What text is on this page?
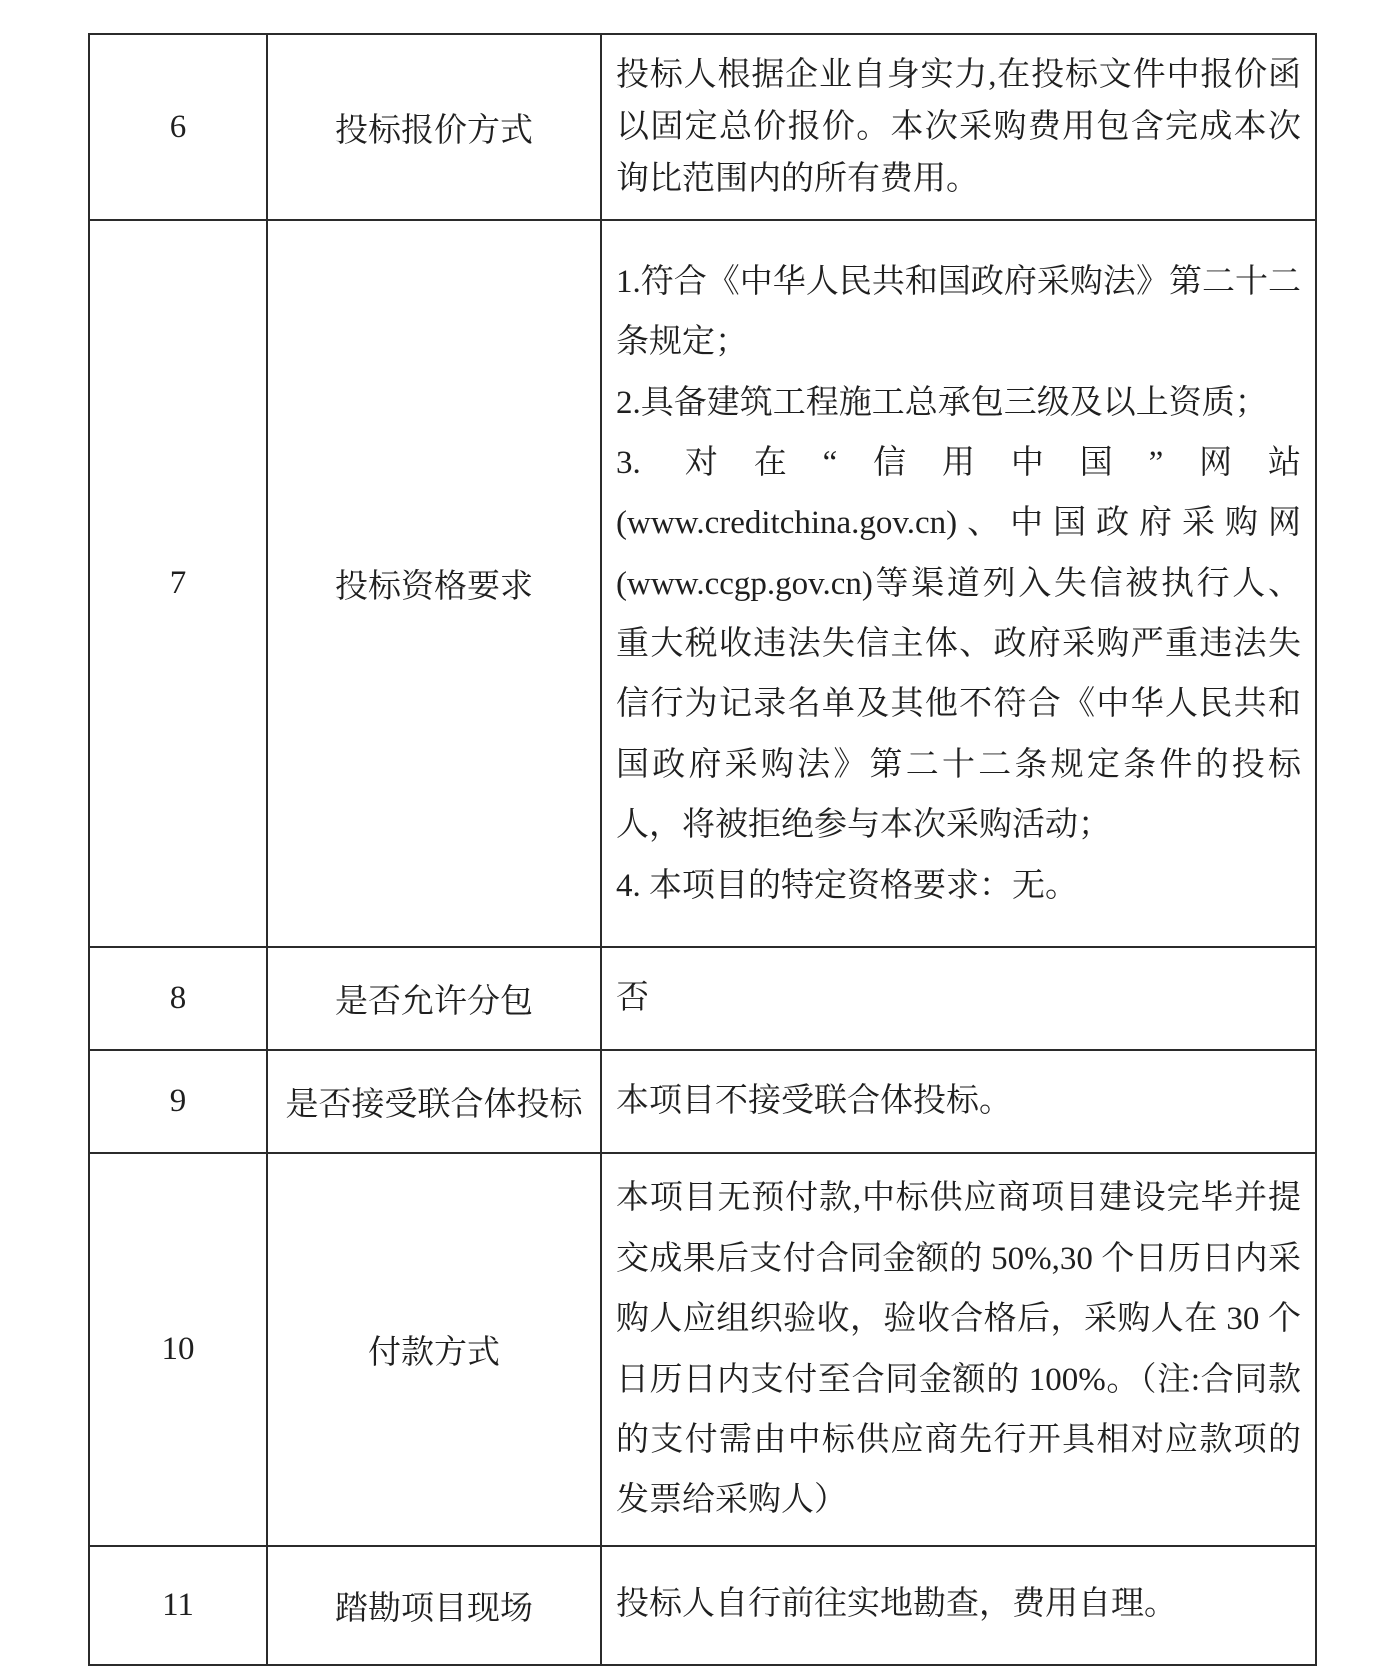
6	投标报价方式	投标人根据企业自身实力,在投标文件中报价函以固定总价报价。本次采购费用包含完成本次询比范围内的所有费用。

7	投标资格要求	1.符合《中华人民共和国政府采购法》第二十二条规定；
2.具备建筑工程施工总承包三级及以上资质；
3. 对在“信用中国”网站(www.creditchina.gov.cn)、中国政府采购网(www.ccgp.gov.cn)等渠道列入失信被执行人、重大税收违法失信主体、政府采购严重违法失信行为记录名单及其他不符合《中华人民共和国政府采购法》第二十二条规定条件的投标人，将被拒绝参与本次采购活动；
4. 本项目的特定资格要求：无。

8	是否允许分包	否

9	是否接受联合体投标	本项目不接受联合体投标。

10	付款方式	本项目无预付款,中标供应商项目建设完毕并提交成果后支付合同金额的 50%,30 个日历日内采购人应组织验收，验收合格后，采购人在 30 个日历日内支付至合同金额的 100%。（注:合同款的支付需由中标供应商先行开具相对应款项的发票给采购人）

11	踏勘项目现场	投标人自行前往实地勘查，费用自理。
